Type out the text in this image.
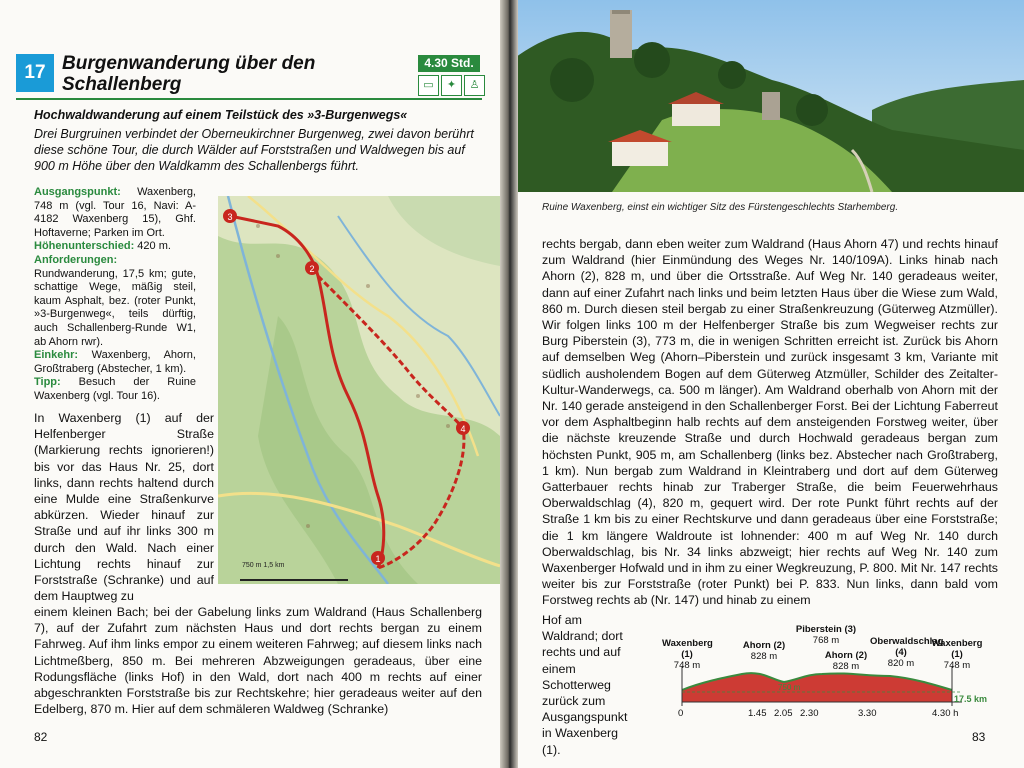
17 Burgenwanderung über den Schallenberg
4.30 Std.
▭	✦	♙
Hochwaldwanderung auf einem Teilstück des »3-Burgenwegs«
Drei Burgruinen verbindet der Oberneukirchner Burgenweg, zwei davon berührt diese schöne Tour, die durch Wälder auf Forststraßen und Waldwegen bis auf 900 m Höhe über den Waldkamm des Schallenbergs führt.
Ausgangspunkt: Waxenberg, 748 m (vgl. Tour 16, Navi: A-4182 Waxenberg 15), Ghf. Hoftaverne; Parken im Ort.
Höhenunterschied: 420 m.
Anforderungen: Rundwanderung, 17,5 km; gute, schattige Wege, mäßig steil, kaum Asphalt, bez. (roter Punkt, »3-Burgenweg«, teils dürftig, auch Schallenberg-Runde W1, ab Ahorn rwr).
Einkehr: Waxenberg, Ahorn, Großtraberg (Abstecher, 1 km).
Tipp: Besuch der Ruine Waxenberg (vgl. Tour 16).
3
2
4
1
750 m 1,5 km
In Waxenberg (1) auf der Helfenberger Straße (Markierung rechts ignorieren!) bis vor das Haus Nr. 25, dort links, dann rechts haltend durch eine Mulde eine Straßenkurve abkürzen. Wieder hinauf zur Straße und auf ihr links 300 m durch den Wald. Nach einer Lichtung rechts hinauf zur Forststraße (Schranke) und auf dem Hauptweg zu
einem kleinen Bach; bei der Gabelung links zum Waldrand (Haus Schallenberg 7), auf der Zufahrt zum nächsten Haus und dort rechts bergan zu einem Fahrweg. Auf ihm links empor zu einem weiteren Fahrweg; auf diesem links nach Lichtmeßberg, 850 m. Bei mehreren Abzweigungen geradeaus, über eine Rodungsfläche (links Hof) in den Wald, dort nach 400 m rechts auf einer abgeschrankten Forststraße bis zur Rechtskehre; hier geradeaus weiter auf den Edelberg, 870 m. Hier auf dem schmäleren Waldweg (Schranke)
82
Ruine Waxenberg, einst ein wichtiger Sitz des Fürstengeschlechts Starhemberg.
rechts bergab, dann eben weiter zum Waldrand (Haus Ahorn 47) und rechts hinauf zum Waldrand (hier Einmündung des Weges Nr. 140/109A). Links hinab nach Ahorn (2), 828 m, und über die Ortsstraße. Auf Weg Nr. 140 geradeaus weiter, dann auf einer Zufahrt nach links und beim letzten Haus über die Wiese zum Wald, 860 m. Durch diesen steil bergab zu einer Straßenkreuzung (Güterweg Atzmüller). Wir folgen links 100 m der Helfenberger Straße bis zum Wegweiser rechts zur Burg Piberstein (3), 773 m, die in wenigen Schritten erreicht ist. Zurück bis Ahorn auf demselben Weg (Ahorn–Piberstein und zurück insgesamt 3 km, Variante mit südlich ausholendem Bogen auf dem Güterweg Atzmüller, Schilder des Zeitalter-Kultur-Wanderwegs, ca. 500 m länger). Am Waldrand oberhalb von Ahorn mit der Nr. 140 gerade ansteigend in den Schallenberger Forst. Bei der Lichtung Faberreut vor dem Asphaltbeginn halb rechts auf dem ansteigenden Forstweg weiter, über die nächste kreuzende Straße und durch Hochwald geradeaus bergan zum höchsten Punkt, 905 m, am Schallenberg (links bez. Abstecher nach Großtraberg, 1 km). Nun bergab zum Waldrand in Kleintraberg und dort auf dem Güterweg Gatterbauer rechts hinab zur Traberger Straße, die beim Feuerwehrhaus Oberwaldschlag (4), 820 m, gequert wird. Der rote Punkt führt rechts auf der Straße 1 km bis zu einer Rechtskurve und dann geradeaus über eine Forststraße; die 1 km längere Waldroute ist lohnender: 400 m auf Weg Nr. 140 durch Oberwaldschlag, bis Nr. 34 links abzweigt; hier rechts auf Weg Nr. 140 zum Waxenberger Hofwald und in ihm zu einer Wegkreuzung, P. 800. Mit Nr. 147 rechts weiter bis zur Forststraße (roter Punkt) bei P. 833. Nun links, dann bald vom Forstweg rechts ab (Nr. 147) und hinab zu einem
Hof am Waldrand; dort rechts und auf einem Schotterweg zurück zum Ausgangspunkt in Waxenberg (1).
Waxenberg (1)
748 m
Ahorn (2)
828 m
Piberstein (3)
768 m
Ahorn (2)
828 m
Oberwaldschlag (4)
820 m
Waxenberg (1)
748 m
750 m
17.5 km
0	1.45 2.05 2.30	3.30	4.30 h
83
